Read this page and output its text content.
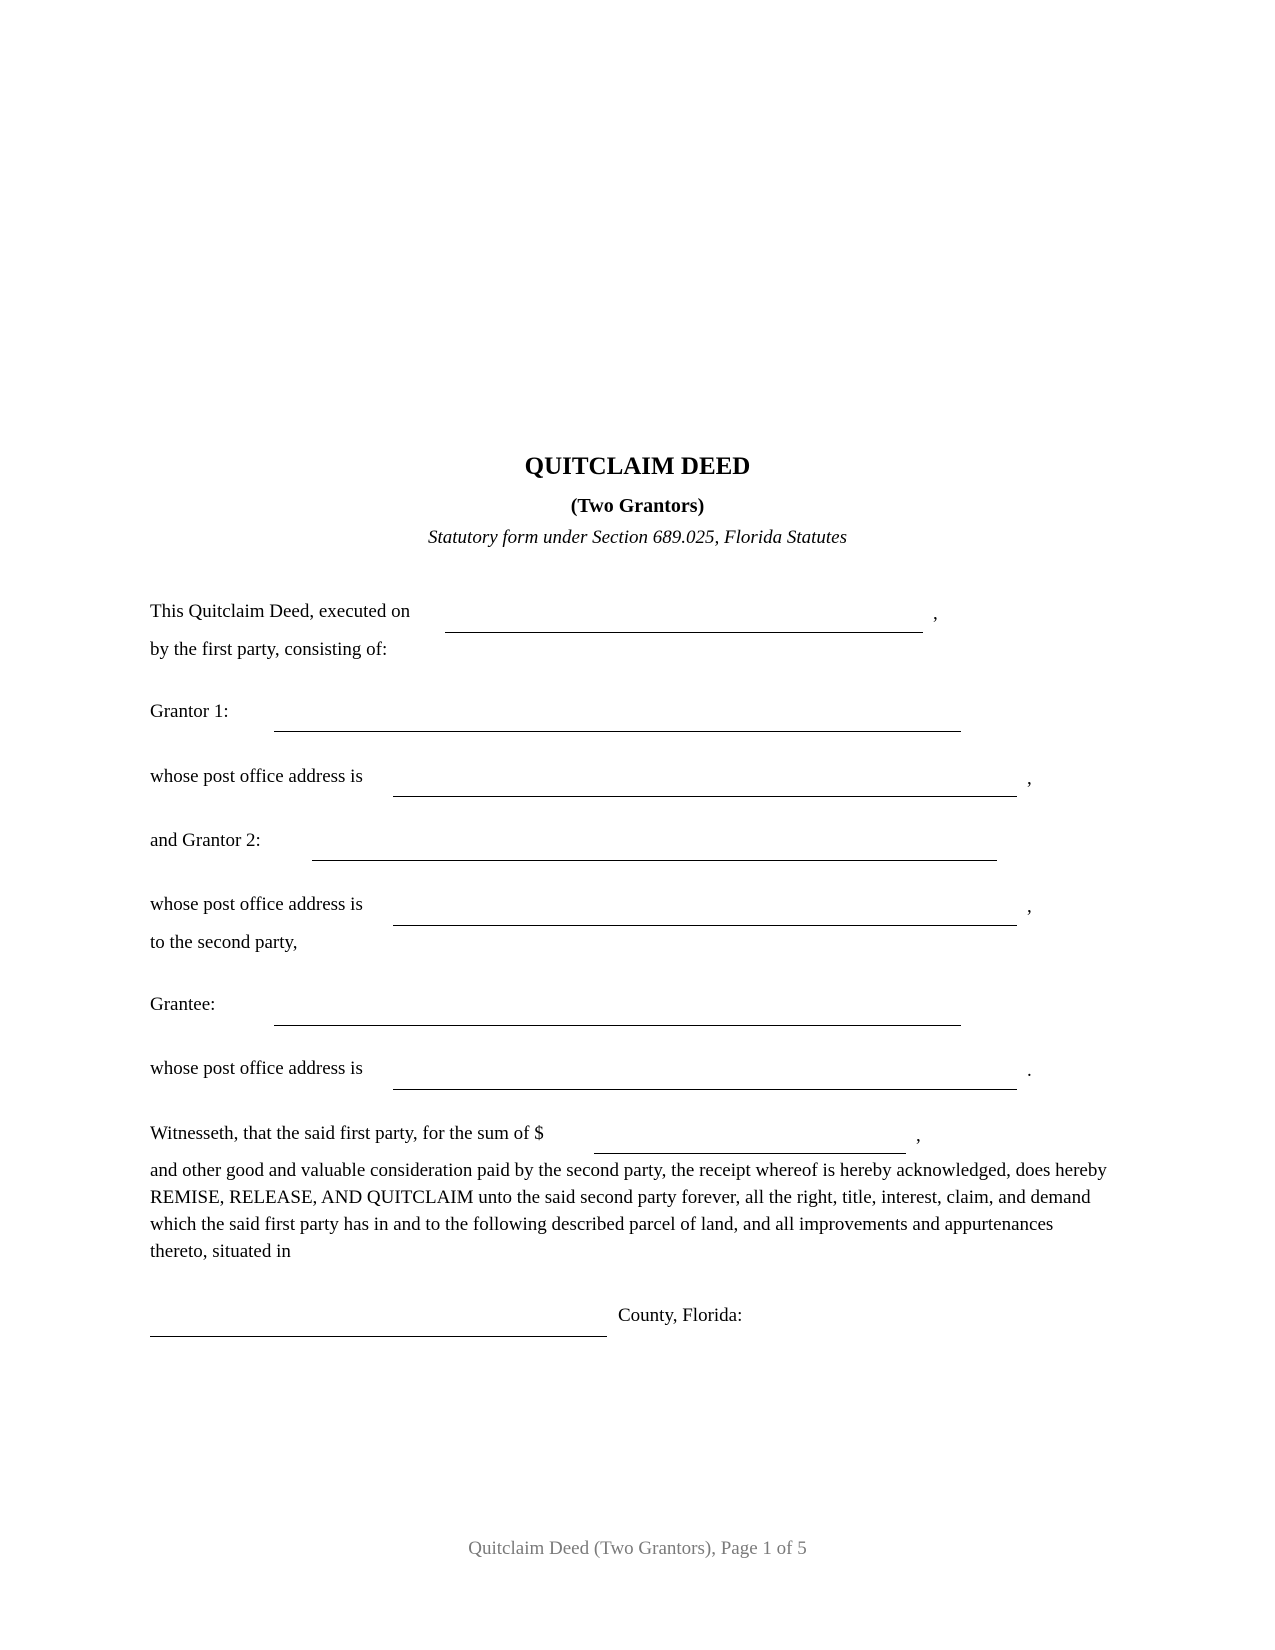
QUITCLAIM DEED
(Two Grantors)
Statutory form under Section 689.025, Florida Statutes
This Quitclaim Deed, executed on	,
by the first party, consisting of:
Grantor 1:
whose post office address is	,
and Grantor 2:
whose post office address is	,
to the second party,
Grantee:
whose post office address is	.
Witnesseth, that the said first party, for the sum of $	,
and other good and valuable consideration paid by the second party, the receipt whereof is hereby acknowledged, does hereby REMISE, RELEASE, AND QUITCLAIM unto the said second party forever, all the right, title, interest, claim, and demand which the said first party has in and to the following described parcel of land, and all improvements and appurtenances thereto, situated in
County, Florida:
Quitclaim Deed (Two Grantors), Page 1 of 5
